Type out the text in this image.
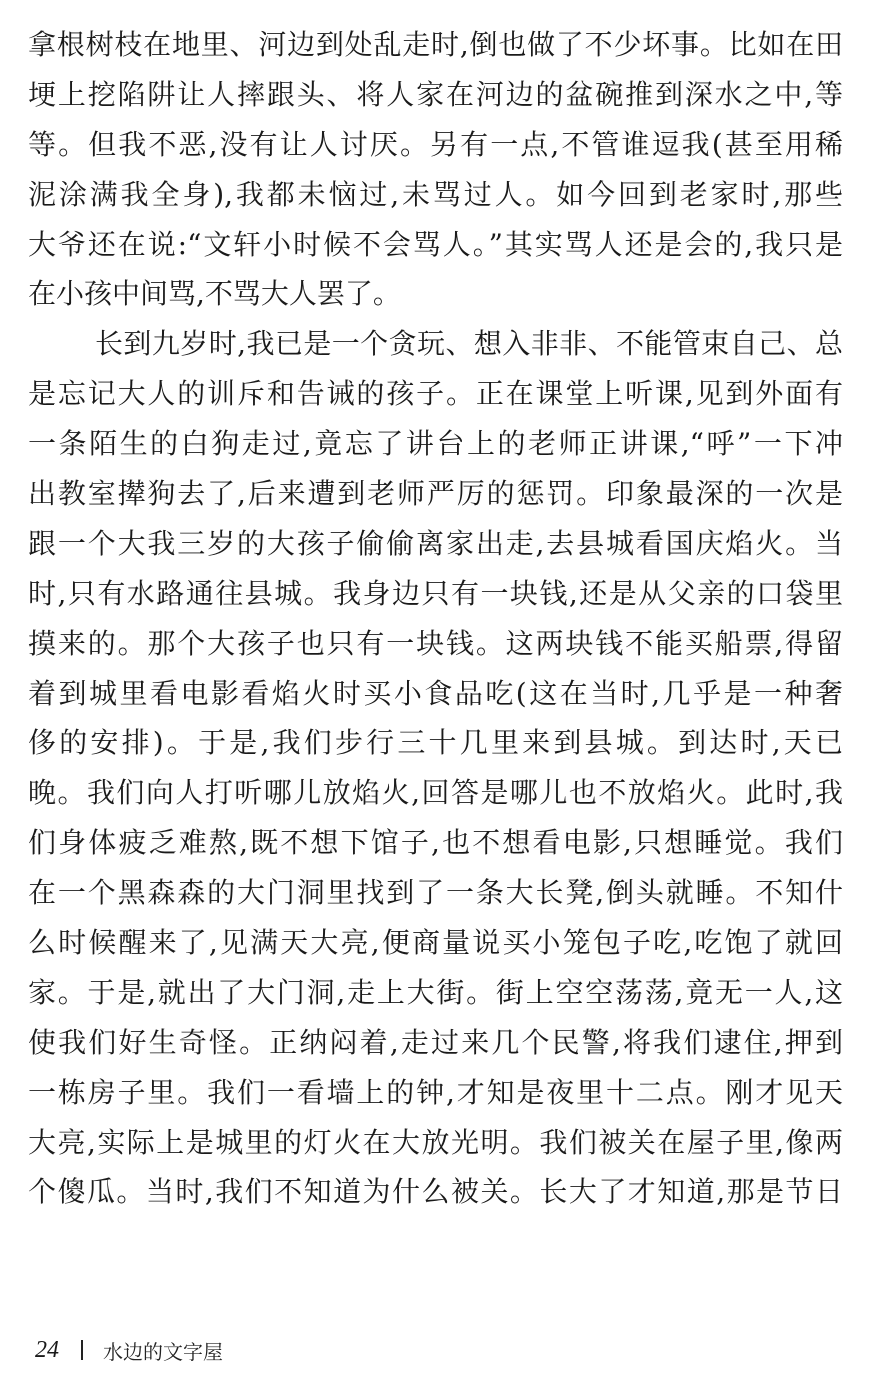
拿根树枝在地里、河边到处乱走时,倒也做了不少坏事。比如在田
埂上挖陷阱让人摔跟头、将人家在河边的盆碗推到深水之中,等
等。但我不恶,没有让人讨厌。另有一点,不管谁逗我(甚至用稀
泥涂满我全身),我都未恼过,未骂过人。如今回到老家时,那些
大爷还在说:“文轩小时候不会骂人。”其实骂人还是会的,我只是
在小孩中间骂,不骂大人罢了。
长到九岁时,我已是一个贪玩、想入非非、不能管束自己、总
是忘记大人的训斥和告诫的孩子。正在课堂上听课,见到外面有
一条陌生的白狗走过,竟忘了讲台上的老师正讲课,“呼”一下冲
出教室撵狗去了,后来遭到老师严厉的惩罚。印象最深的一次是
跟一个大我三岁的大孩子偷偷离家出走,去县城看国庆焰火。当
时,只有水路通往县城。我身边只有一块钱,还是从父亲的口袋里
摸来的。那个大孩子也只有一块钱。这两块钱不能买船票,得留
着到城里看电影看焰火时买小食品吃(这在当时,几乎是一种奢
侈的安排)。于是,我们步行三十几里来到县城。到达时,天已
晚。我们向人打听哪儿放焰火,回答是哪儿也不放焰火。此时,我
们身体疲乏难熬,既不想下馆子,也不想看电影,只想睡觉。我们
在一个黑森森的大门洞里找到了一条大长凳,倒头就睡。不知什
么时候醒来了,见满天大亮,便商量说买小笼包子吃,吃饱了就回
家。于是,就出了大门洞,走上大街。街上空空荡荡,竟无一人,这
使我们好生奇怪。正纳闷着,走过来几个民警,将我们逮住,押到
一栋房子里。我们一看墙上的钟,才知是夜里十二点。刚才见天
大亮,实际上是城里的灯火在大放光明。我们被关在屋子里,像两
个傻瓜。当时,我们不知道为什么被关。长大了才知道,那是节日
24 水边的文字屋
